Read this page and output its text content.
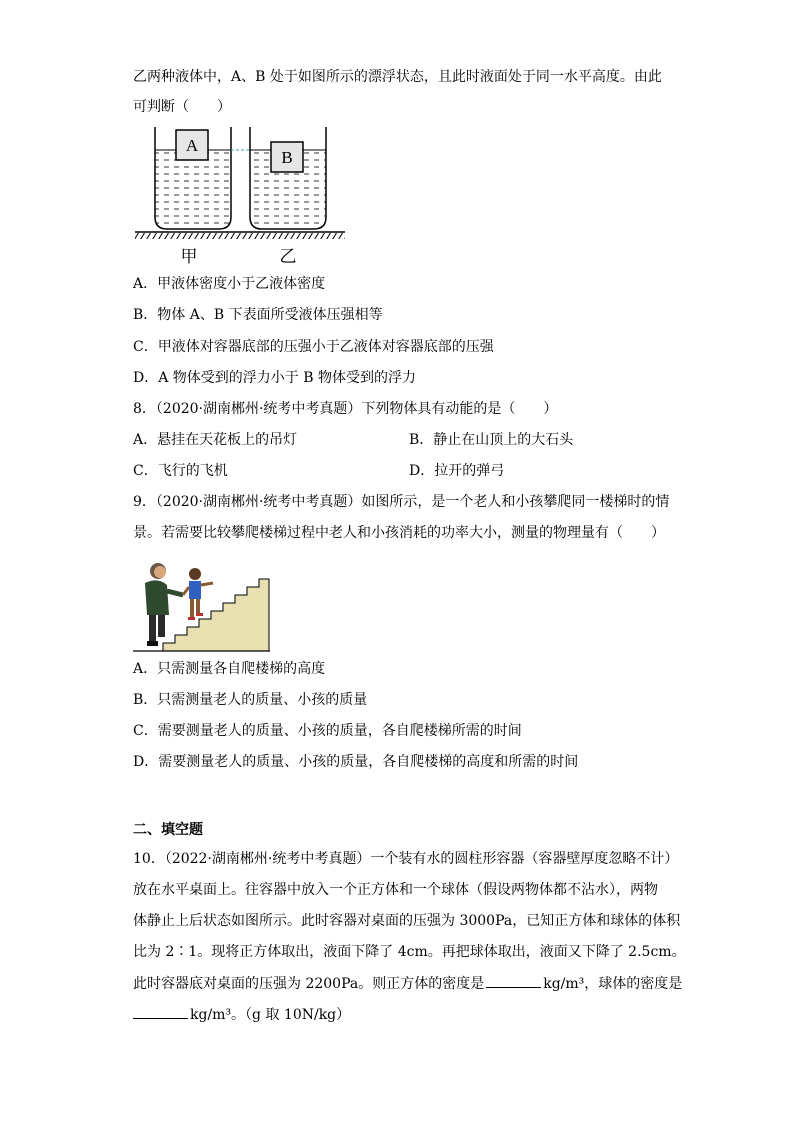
乙两种液体中，A、B 处于如图所示的漂浮状态，且此时液面处于同一水平高度。由此
可判断（　　）
A
B
甲	乙
A．甲液体密度小于乙液体密度
B．物体 A、B 下表面所受液体压强相等
C．甲液体对容器底部的压强小于乙液体对容器底部的压强
D．A 物体受到的浮力小于 B 物体受到的浮力
8．（2020·湖南郴州·统考中考真题）下列物体具有动能的是（　　）
A．悬挂在天花板上的吊灯	B．静止在山顶上的大石头
C．飞行的飞机	D．拉开的弹弓
9．（2020·湖南郴州·统考中考真题）如图所示，是一个老人和小孩攀爬同一楼梯时的情
景。若需要比较攀爬楼梯过程中老人和小孩消耗的功率大小，测量的物理量有（　　）
A．只需测量各自爬楼梯的高度
B．只需测量老人的质量、小孩的质量
C．需要测量老人的质量、小孩的质量，各自爬楼梯所需的时间
D．需要测量老人的质量、小孩的质量，各自爬楼梯的高度和所需的时间
二、填空题
10．（2022·湖南郴州·统考中考真题）一个装有水的圆柱形容器（容器壁厚度忽略不计）
放在水平桌面上。往容器中放入一个正方体和一个球体（假设两物体都不沾水），两物
体静止上后状态如图所示。此时容器对桌面的压强为 3000Pa，已知正方体和球体的体积
比为 2∶1。现将正方体取出，液面下降了 4cm。再把球体取出，液面又下降了 2.5cm。
此时容器底对桌面的压强为 2200Pa。则正方体的密度是	kg/m³，球体的密度是
kg/m³。（g 取 10N/kg）
